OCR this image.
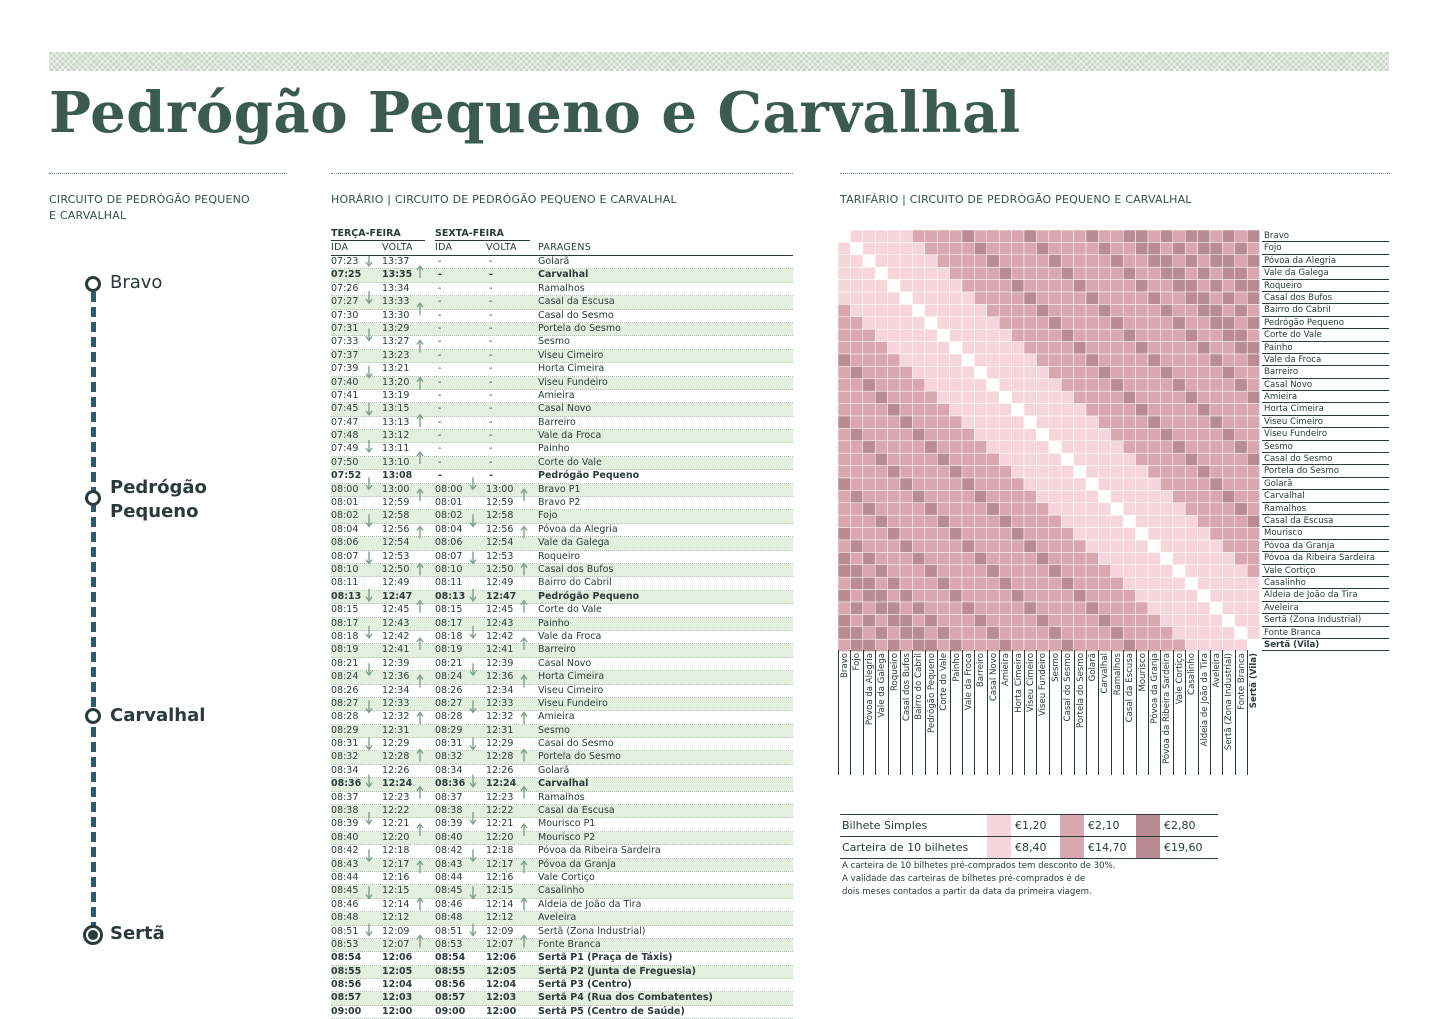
Pedrógão Pequeno e Carvalhal
CIRCUITO DE PEDRÓGÃO PEQUENO
E CARVALHAL
Bravo
Pedrógão
Pequeno
Carvalhal
Sertã
HORÁRIO | CIRCUITO DE PEDRÓGÃO PEQUENO E CARVALHAL
TERÇA-FEIRA	SEXTA-FEIRA
IDA	VOLTA IDA	VOLTA PARAGENS
07:23 13:37	-	-	Golarã
07:25 13:35	-	-	Carvalhal
07:26 13:34	-	-	Ramalhos
07:27 13:33	-	-	Casal da Escusa
07:30 13:30	-	-	Casal do Sesmo
07:31 13:29	-	-	Portela do Sesmo
07:33 13:27	-	-	Sesmo
07:37 13:23	-	-	Viseu Cimeiro
07:39 13:21	-	-	Horta Cimeira
07:40 13:20	-	-	Viseu Fundeiro
07:41 13:19	-	-	Amieira
07:45 13:15	-	-	Casal Novo
07:47 13:13	-	-	Barreiro
07:48 13:12	-	-	Vale da Froca
07:49 13:11	-	-	Painho
07:50 13:10	-	-	Corte do Vale
07:52 13:08	-	-	Pedrógão Pequeno
08:00 13:00	08:00 13:00	Bravo P1
08:01 12:59	08:01 12:59	Bravo P2
08:02 12:58	08:02 12:58	Fojo
08:04 12:56	08:04 12:56	Póvoa da Alegria
08:06 12:54	08:06 12:54	Vale da Galega
08:07 12:53	08:07 12:53	Roqueiro
08:10 12:50	08:10 12:50	Casal dos Bufos
08:11 12:49	08:11 12:49	Bairro do Cabril
08:13 12:47 08:13 12:47 Pedrógão Pequeno
08:15 12:45	08:15 12:45	Corte do Vale
08:17 12:43	08:17 12:43	Painho
08:18 12:42	08:18 12:42	Vale da Froca
08:19 12:41	08:19 12:41	Barreiro
08:21 12:39	08:21 12:39	Casal Novo
08:24 12:36	08:24 12:36	Horta Cimeira
08:26 12:34	08:26 12:34	Viseu Cimeiro
08:27 12:33	08:27 12:33	Viseu Fundeiro
08:28 12:32	08:28 12:32	Amieira
08:29 12:31	08:29 12:31	Sesmo
08:31 12:29	08:31 12:29	Casal do Sesmo
08:32 12:28	08:32 12:28	Portela do Sesmo
08:34 12:26	08:34 12:26	Golarã
08:36 12:24 08:36 12:24 Carvalhal
08:37 12:23	08:37 12:23	Ramalhos
08:38 12:22	08:38 12:22	Casal da Escusa
08:39 12:21	08:39 12:21	Mourisco P1
08:40 12:20	08:40 12:20	Mourisco P2
08:42 12:18	08:42 12:18	Póvoa da Ribeira Sardeira
08:43 12:17	08:43 12:17	Póvoa da Granja
08:44 12:16	08:44 12:16	Vale Cortiço
08:45 12:15	08:45 12:15	Casalinho
08:46 12:14	08:46 12:14	Aldeia de João da Tira
08:48 12:12	08:48 12:12	Aveleira
08:51 12:09	08:51 12:09	Sertã (Zona Industrial)
08:53 12:07	08:53 12:07	Fonte Branca
08:54 12:06 08:54 12:06 Sertã P1 (Praça de Táxis)
08:55 12:05 08:55 12:05 Sertã P2 (Junta de Freguesia)
08:56 12:04 08:56 12:04 Sertã P3 (Centro)
08:57 12:03 08:57 12:03 Sertã P4 (Rua dos Combatentes)
09:00 12:00 09:00 12:00 Sertã P5 (Centro de Saúde)
TARIFÁRIO | CIRCUITO DE PEDRÓGÃO PEQUENO E CARVALHAL
Bravo
Fojo
Póvoa da Alegria
Vale da Galega
Roqueiro
Casal dos Bufos
Bairro do Cabril
Pedrógão Pequeno
Corte do Vale
Painho
Vale da Froca
Barreiro
Casal Novo
Amieira
Horta Cimeira
Viseu Cimeiro
Viseu Fundeiro
Sesmo
Casal do Sesmo
Portela do Sesmo
Golarã
Carvalhal
Ramalhos
Casal da Escusa
Mourisco
Póvoa da Granja
Póvoa da Ribeira Sardeira
Vale Cortiço
Casalinho
Aldeia de João da Tira
Aveleira
Sertã (Zona Industrial)
Fonte Branca
Sertã (Vila)
Bravo Fojo Póvoa da Alegria Vale da Galega Roqueiro Casal dos Bufos Bairro do Cabril Pedrógão Pequeno Corte do Vale Painho Vale da Froca Barreiro Casal Novo Amieira Horta Cimeira Viseu Cimeiro Viseu Fundeiro Sesmo Casal do Sesmo Portela do Sesmo Golarã Carvalhal Ramalhos Casal da Escusa Mourisco Póvoa da Granja Póvoa da Ribeira Sardeira Vale Cortiço Casalinho Aldeia de João da Tira Aveleira Sertã (Zona Industrial) Fonte Branca Sertã (Vila)
Bilhete Simples	€1,20	€2,10	€2,80
Carteira de 10 bilhetes	€8,40	€14,70	€19,60
A carteira de 10 bilhetes pré-comprados tem desconto de 30%.
A validade das carteiras de bilhetes pré-comprados é de
dois meses contados a partir da data da primeira viagem.
